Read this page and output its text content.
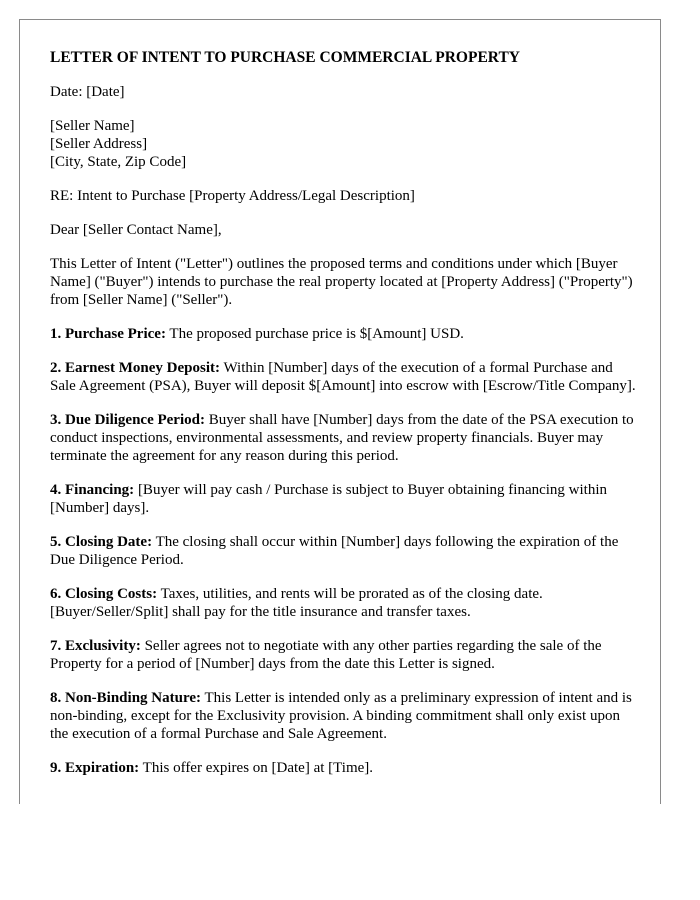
LETTER OF INTENT TO PURCHASE COMMERCIAL PROPERTY

Date: [Date]

[Seller Name]
[Seller Address]
[City, State, Zip Code]

RE: Intent to Purchase [Property Address/Legal Description]

Dear [Seller Contact Name],

This Letter of Intent ("Letter") outlines the proposed terms and conditions under which [Buyer Name] ("Buyer") intends to purchase the real property located at [Property Address] ("Property") from [Seller Name] ("Seller").

1. Purchase Price: The proposed purchase price is $[Amount] USD.

2. Earnest Money Deposit: Within [Number] days of the execution of a formal Purchase and Sale Agreement (PSA), Buyer will deposit $[Amount] into escrow with [Escrow/Title Company].

3. Due Diligence Period: Buyer shall have [Number] days from the date of the PSA execution to conduct inspections, environmental assessments, and review property financials. Buyer may terminate the agreement for any reason during this period.

4. Financing: [Buyer will pay cash / Purchase is subject to Buyer obtaining financing within [Number] days].

5. Closing Date: The closing shall occur within [Number] days following the expiration of the Due Diligence Period.

6. Closing Costs: Taxes, utilities, and rents will be prorated as of the closing date. [Buyer/Seller/Split] shall pay for the title insurance and transfer taxes.

7. Exclusivity: Seller agrees not to negotiate with any other parties regarding the sale of the Property for a period of [Number] days from the date this Letter is signed.

8. Non-Binding Nature: This Letter is intended only as a preliminary expression of intent and is non-binding, except for the Exclusivity provision. A binding commitment shall only exist upon the execution of a formal Purchase and Sale Agreement.

9. Expiration: This offer expires on [Date] at [Time].
